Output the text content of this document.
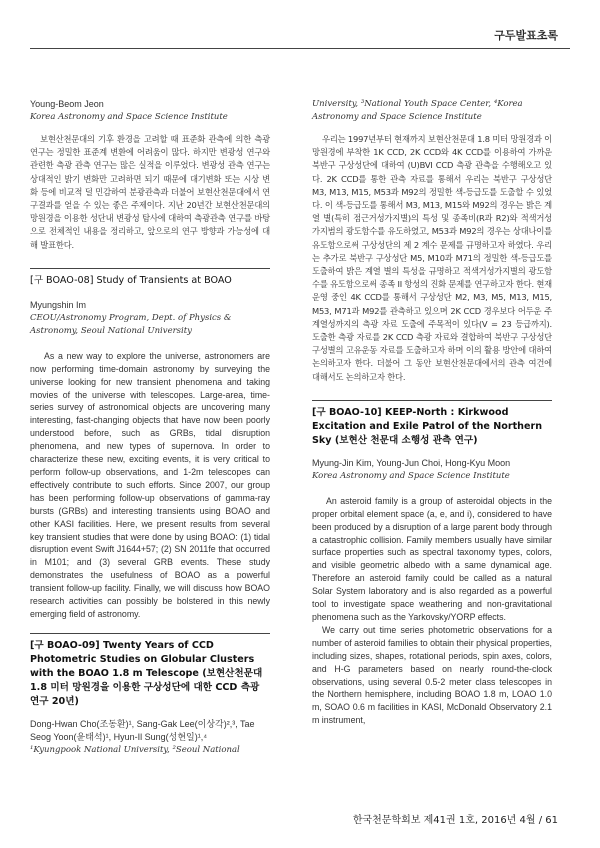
구두발표초록

Young-Beom Jeon

Korea Astronomy and Space Science Institute

보현산천문대의 기후 환경을 고려할 때 표준화 관측에 의한 측광연구는 정밀한 표준계 변환에 어려움이 많다. 하지만 변광성 연구와 관련한 측광 관측 연구는 많은 실적을 이루었다. 변광성 관측 연구는 상대적인 밝기 변화만 고려하면 되기 때문에 대기변화 또는 시상 변화 등에 비교적 덜 민감하여 분광관측과 더불어 보현산천문대에서 연구결과를 얻을 수 있는 좋은 주제이다. 지난 20년간 보현산천문대의 망원경을 이용한 성단내 변광성 탐사에 대하여 측광관측 연구를 바탕으로 전체적인 내용을 정리하고, 앞으로의 연구 방향과 가능성에 대해 발표한다.

[구 BOAO-08] Study of Transients at BOAO

Myungshin Im

CEOU/Astronomy Program, Dept. of Physics & Astronomy, Seoul National University

As a new way to explore the universe, astronomers are now performing time-domain astronomy by surveying the universe looking for new transient phenomena and taking movies of the universe with telescopes. Large-area, time-series survey of astronomical objects are uncovering many interesting, fast-changing objects that have now been poorly understood before, such as GRBs, tidal disruption phenomena, and new types of supernova. In order to characterize these new, exciting events, it is very critical to perform follow-up observations, and 1-2m telescopes can effectively contribute to such efforts. Since 2007, our group has been performing follow-up observations of gamma-ray bursts (GRBs) and interesting transients using BOAO and other KASI facilities. Here, we present results from several key transient studies that were done by using BOAO: (1) tidal disruption event Swift J1644+57; (2) SN 2011fe that occurred in M101; and (3) several GRB events. These study demonstrates the usefulness of BOAO as a powerful transient follow-up facility. Finally, we will discuss how BOAO research activities can possibly be bolstered in this newly emerging field of astronomy.

[구 BOAO-09] Twenty Years of CCD Photometric Studies on Globular Clusters with the BOAO 1.8 m Telescope (보현산천문대 1.8 미터 망원경을 이용한 구상성단에 대한 CCD 측광 연구 20년)

Dong-Hwan Cho(조동환)¹, Sang-Gak Lee(이상각)²,³, Tae Seog Yoon(윤태석)¹, Hyun-Il Sung(성현일)¹,⁴

¹Kyungpook National University, ²Seoul National

University, ³National Youth Space Center, ⁴Korea Astronomy and Space Science Institute

우리는 1997년부터 현재까지 보현산천문대 1.8 미터 망원경과 이 망원경에 부착한 1K CCD, 2K CCD와 4K CCD를 이용하여 가까운 북반구 구상성단에 대하여 (U)BVI CCD 측광 관측을 수행해오고 있다. 2K CCD를 통한 관측 자료를 통해서 우리는 북반구 구상성단 M3, M13, M15, M53과 M92의 정밀한 색-등급도를 도출할 수 있었다. 이 색-등급도를 통해서 M3, M13, M15와 M92의 경우는 밝은 계열 별(특히 점근거성가지별)의 특성 및 종족비(R과 R2)와 적색거성가지범의 광도함수를 유도하였고, M53과 M92의 경우는 상대나이를 유도함으로써 구상성단의 제 2 계수 문제를 규명하고자 하였다. 우리는 추가로 북반구 구상성단 M5, M10과 M71의 정밀한 색-등급도를 도출하여 밝은 계열 별의 특성을 규명하고 적색거성가지별의 광도함수를 유도함으로써 종족 II 항성의 진화 문제를 연구하고자 한다. 현재 운영 중인 4K CCD를 통해서 구상성단 M2, M3, M5, M13, M15, M53, M71과 M92를 관측하고 있으며 2K CCD 경우보다 어두운 주계열성까지의 측광 자료 도출에 주목적이 있다(V = 23 등급까지). 도출한 측광 자료를 2K CCD 측광 자료와 결합하여 북반구 구상성단 구성별의 고유운동 자료를 도출하고자 하며 이의 활용 방안에 대하여 논의하고자 한다. 더불어 그 동안 보현산천문대에서의 관측 여건에 대해서도 논의하고자 한다.

[구 BOAO-10] KEEP-North : Kirkwood Excitation and Exile Patrol of the Northern Sky (보현산 천문대 소행성 관측 연구)

Myung-Jin Kim, Young-Jun Choi, Hong-Kyu Moon

Korea Astronomy and Space Science Institute

An asteroid family is a group of asteroidal objects in the proper orbital element space (a, e, and i), considered to have been produced by a disruption of a large parent body through a catastrophic collision. Family members usually have similar surface properties such as spectral taxonomy types, colors, and visible geometric albedo with a same dynamical age. Therefore an asteroid family could be called as a natural Solar System laboratory and is also regarded as a powerful tool to investigate space weathering and non-gravitational phenomena such as the Yarkovsky/YORP effects.

We carry out time series photometric observations for a number of asteroid families to obtain their physical properties, including sizes, shapes, rotational periods, spin axes, colors, and H-G parameters based on nearly round-the-clock observations, using several 0.5-2 meter class telescopes in the Northern hemisphere, including BOAO 1.8 m, LOAO 1.0 m, SOAO 0.6 m facilities in KASI, McDonald Observatory 2.1 m instrument,

한국천문학회보 제41권 1호, 2016년 4월 / 61
